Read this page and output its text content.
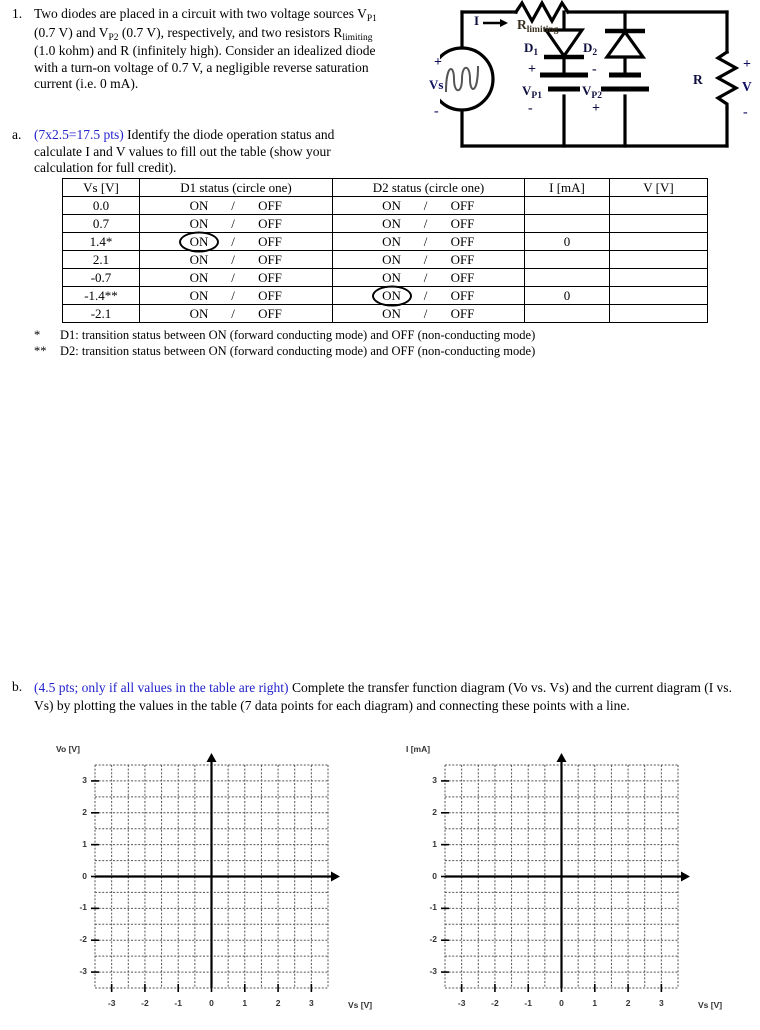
1. Two diodes are placed in a circuit with two voltage sources $V_{P1}$ (0.7 V) and $V_{P2}$ (0.7 V), respectively, and two resistors $R_{limiting}$ (1.0 kohm) and R (infinitely high). Consider an idealized diode with a turn-on voltage of 0.7 V, a negligible reverse saturation current (i.e. 0 mA).
I	$R_{limiting}$
+
Vs
-
$D_1$	$D_2$
+
$V_{P1}$
-
-
$V_{P2}$
+
R
+
V
-
a. (7x2.5=17.5 pts) Identify the diode operation status and calculate I and V values to fill out the table (show your calculation for full credit).
Vs [V]	D1 status (circle one)	D2 status (circle one)	I [mA]	V [V]
0.0	ON / OFF	ON / OFF		
0.7	ON / OFF	ON / OFF		
1.4*	ON / OFF	ON / OFF	0	
2.1	ON / OFF	ON / OFF		
-0.7	ON / OFF	ON / OFF		
-1.4**	ON / OFF	ON / OFF	0	
-2.1	ON / OFF	ON / OFF		
*	D1: transition status between ON (forward conducting mode) and OFF (non-conducting mode)
**	D2: transition status between ON (forward conducting mode) and OFF (non-conducting mode)
b. (4.5 pts; only if all values in the table are right) Complete the transfer function diagram (Vo vs. Vs) and the current diagram (I vs. Vs) by plotting the values in the table (7 data points for each diagram) and connecting these points with a line.
Vo [V]
Vs [V]
-3	-2	-1	0	1	2	3
-3
-2
-1
0
1
2
3
I [mA]
Vs [V]
-3	-2	-1	0	1	2	3
-3
-2
-1
0
1
2
3
